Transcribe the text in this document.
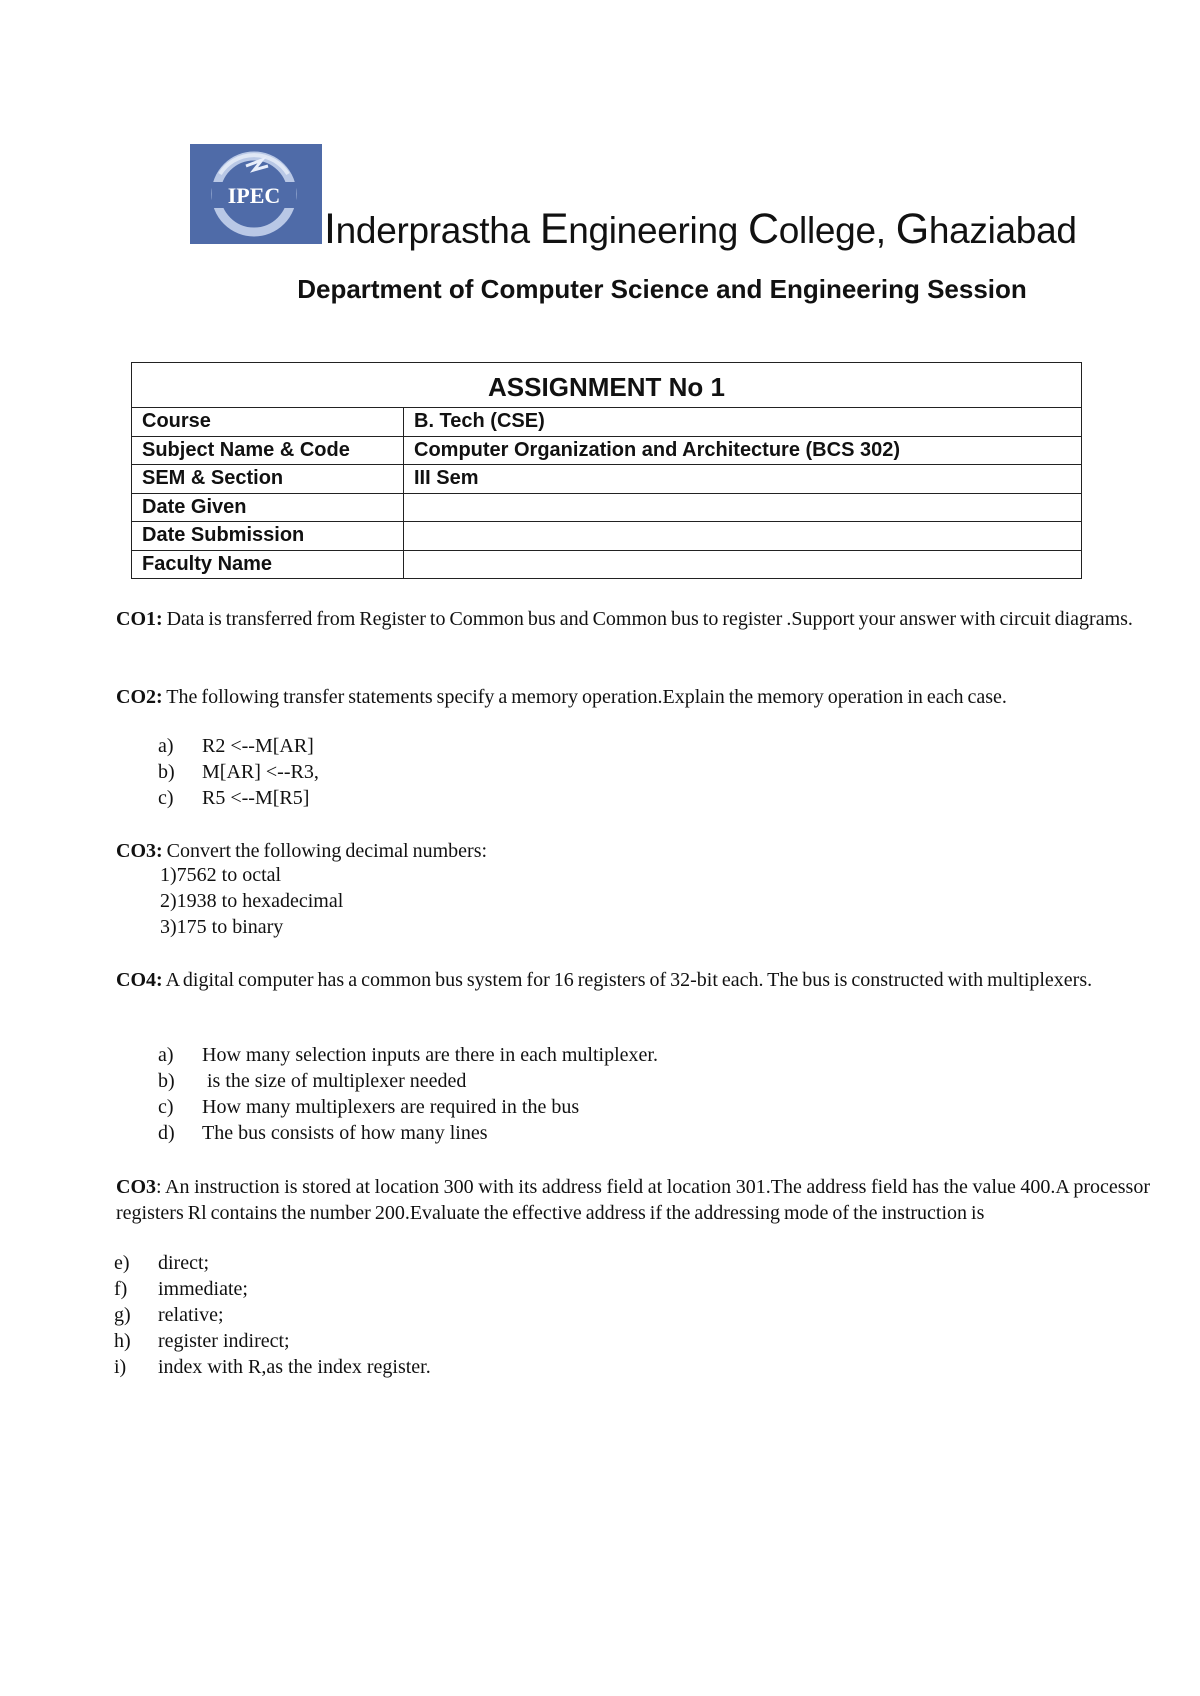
IPEC
Inderprastha Engineering College, Ghaziabad
Department of Computer Science and Engineering Session
ASSIGNMENT No 1	
Course	B. Tech (CSE)
Subject Name & Code	Computer Organization and Architecture (BCS 302)
SEM & Section	III Sem
Date Given	
Date Submission	
Faculty Name	
CO1: Data is transferred from Register to Common bus and Common bus to register .Support your answer with circuit diagrams.
CO2: The following transfer statements specify a memory operation.Explain the memory operation in each case.
a) R2 <--M[AR]
b) M[AR] <--R3,
c) R5 <--M[R5]
CO3: Convert the following decimal numbers:
1)7562 to octal
2)1938 to hexadecimal
3)175 to binary
CO4: A digital computer has a common bus system for 16 registers of 32-bit each. The bus is constructed with multiplexers.
a) How many selection inputs are there in each multiplexer.
b) is the size of multiplexer needed
c) How many multiplexers are required in the bus
d) The bus consists of how many lines
CO3: An instruction is stored at location 300 with its address field at location 301.The address field has the value 400.A processor registers Rl contains the number 200.Evaluate the effective address if the addressing mode of the instruction is
e) direct;
f) immediate;
g) relative;
h) register indirect;
i) index with R,as the index register.
